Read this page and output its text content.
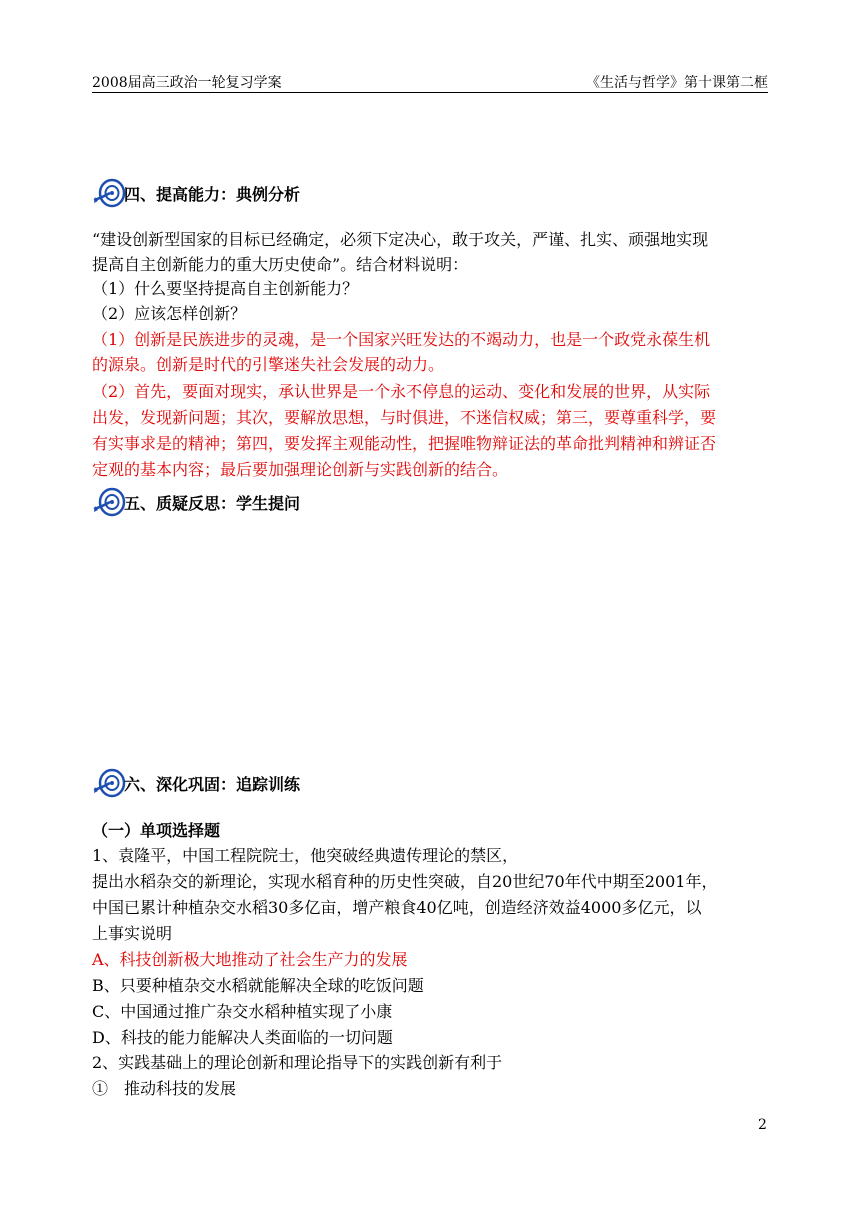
2008届高三政治一轮复习学案	《生活与哲学》第十课第二框
四、提高能力：典例分析
“建设创新型国家的目标已经确定，必须下定决心，敢于攻关，严谨、扎实、顽强地实现
提高自主创新能力的重大历史使命”。结合材料说明：
（1）什么要坚持提高自主创新能力？
（2）应该怎样创新？
（1）创新是民族进步的灵魂，是一个国家兴旺发达的不竭动力，也是一个政党永葆生机
的源泉。创新是时代的引擎迷失社会发展的动力。
（2）首先，要面对现实，承认世界是一个永不停息的运动、变化和发展的世界，从实际
出发，发现新问题；其次，要解放思想，与时俱进，不迷信权威；第三，要尊重科学，要
有实事求是的精神；第四，要发挥主观能动性，把握唯物辩证法的革命批判精神和辨证否
定观的基本内容；最后要加强理论创新与实践创新的结合。
五、质疑反思：学生提问
六、深化巩固：追踪训练
（一）单项选择题
1、袁隆平，中国工程院院士，他突破经典遗传理论的禁区，
提出水稻杂交的新理论，实现水稻育种的历史性突破，自20世纪70年代中期至2001年，
中国已累计种植杂交水稻30多亿亩，增产粮食40亿吨，创造经济效益4000多亿元，以
上事实说明
A、科技创新极大地推动了社会生产力的发展
B、只要种植杂交水稻就能解决全球的吃饭问题
C、中国通过推广杂交水稻种植实现了小康
D、科技的能力能解决人类面临的一切问题
2、实践基础上的理论创新和理论指导下的实践创新有利于
①　推动科技的发展
2
